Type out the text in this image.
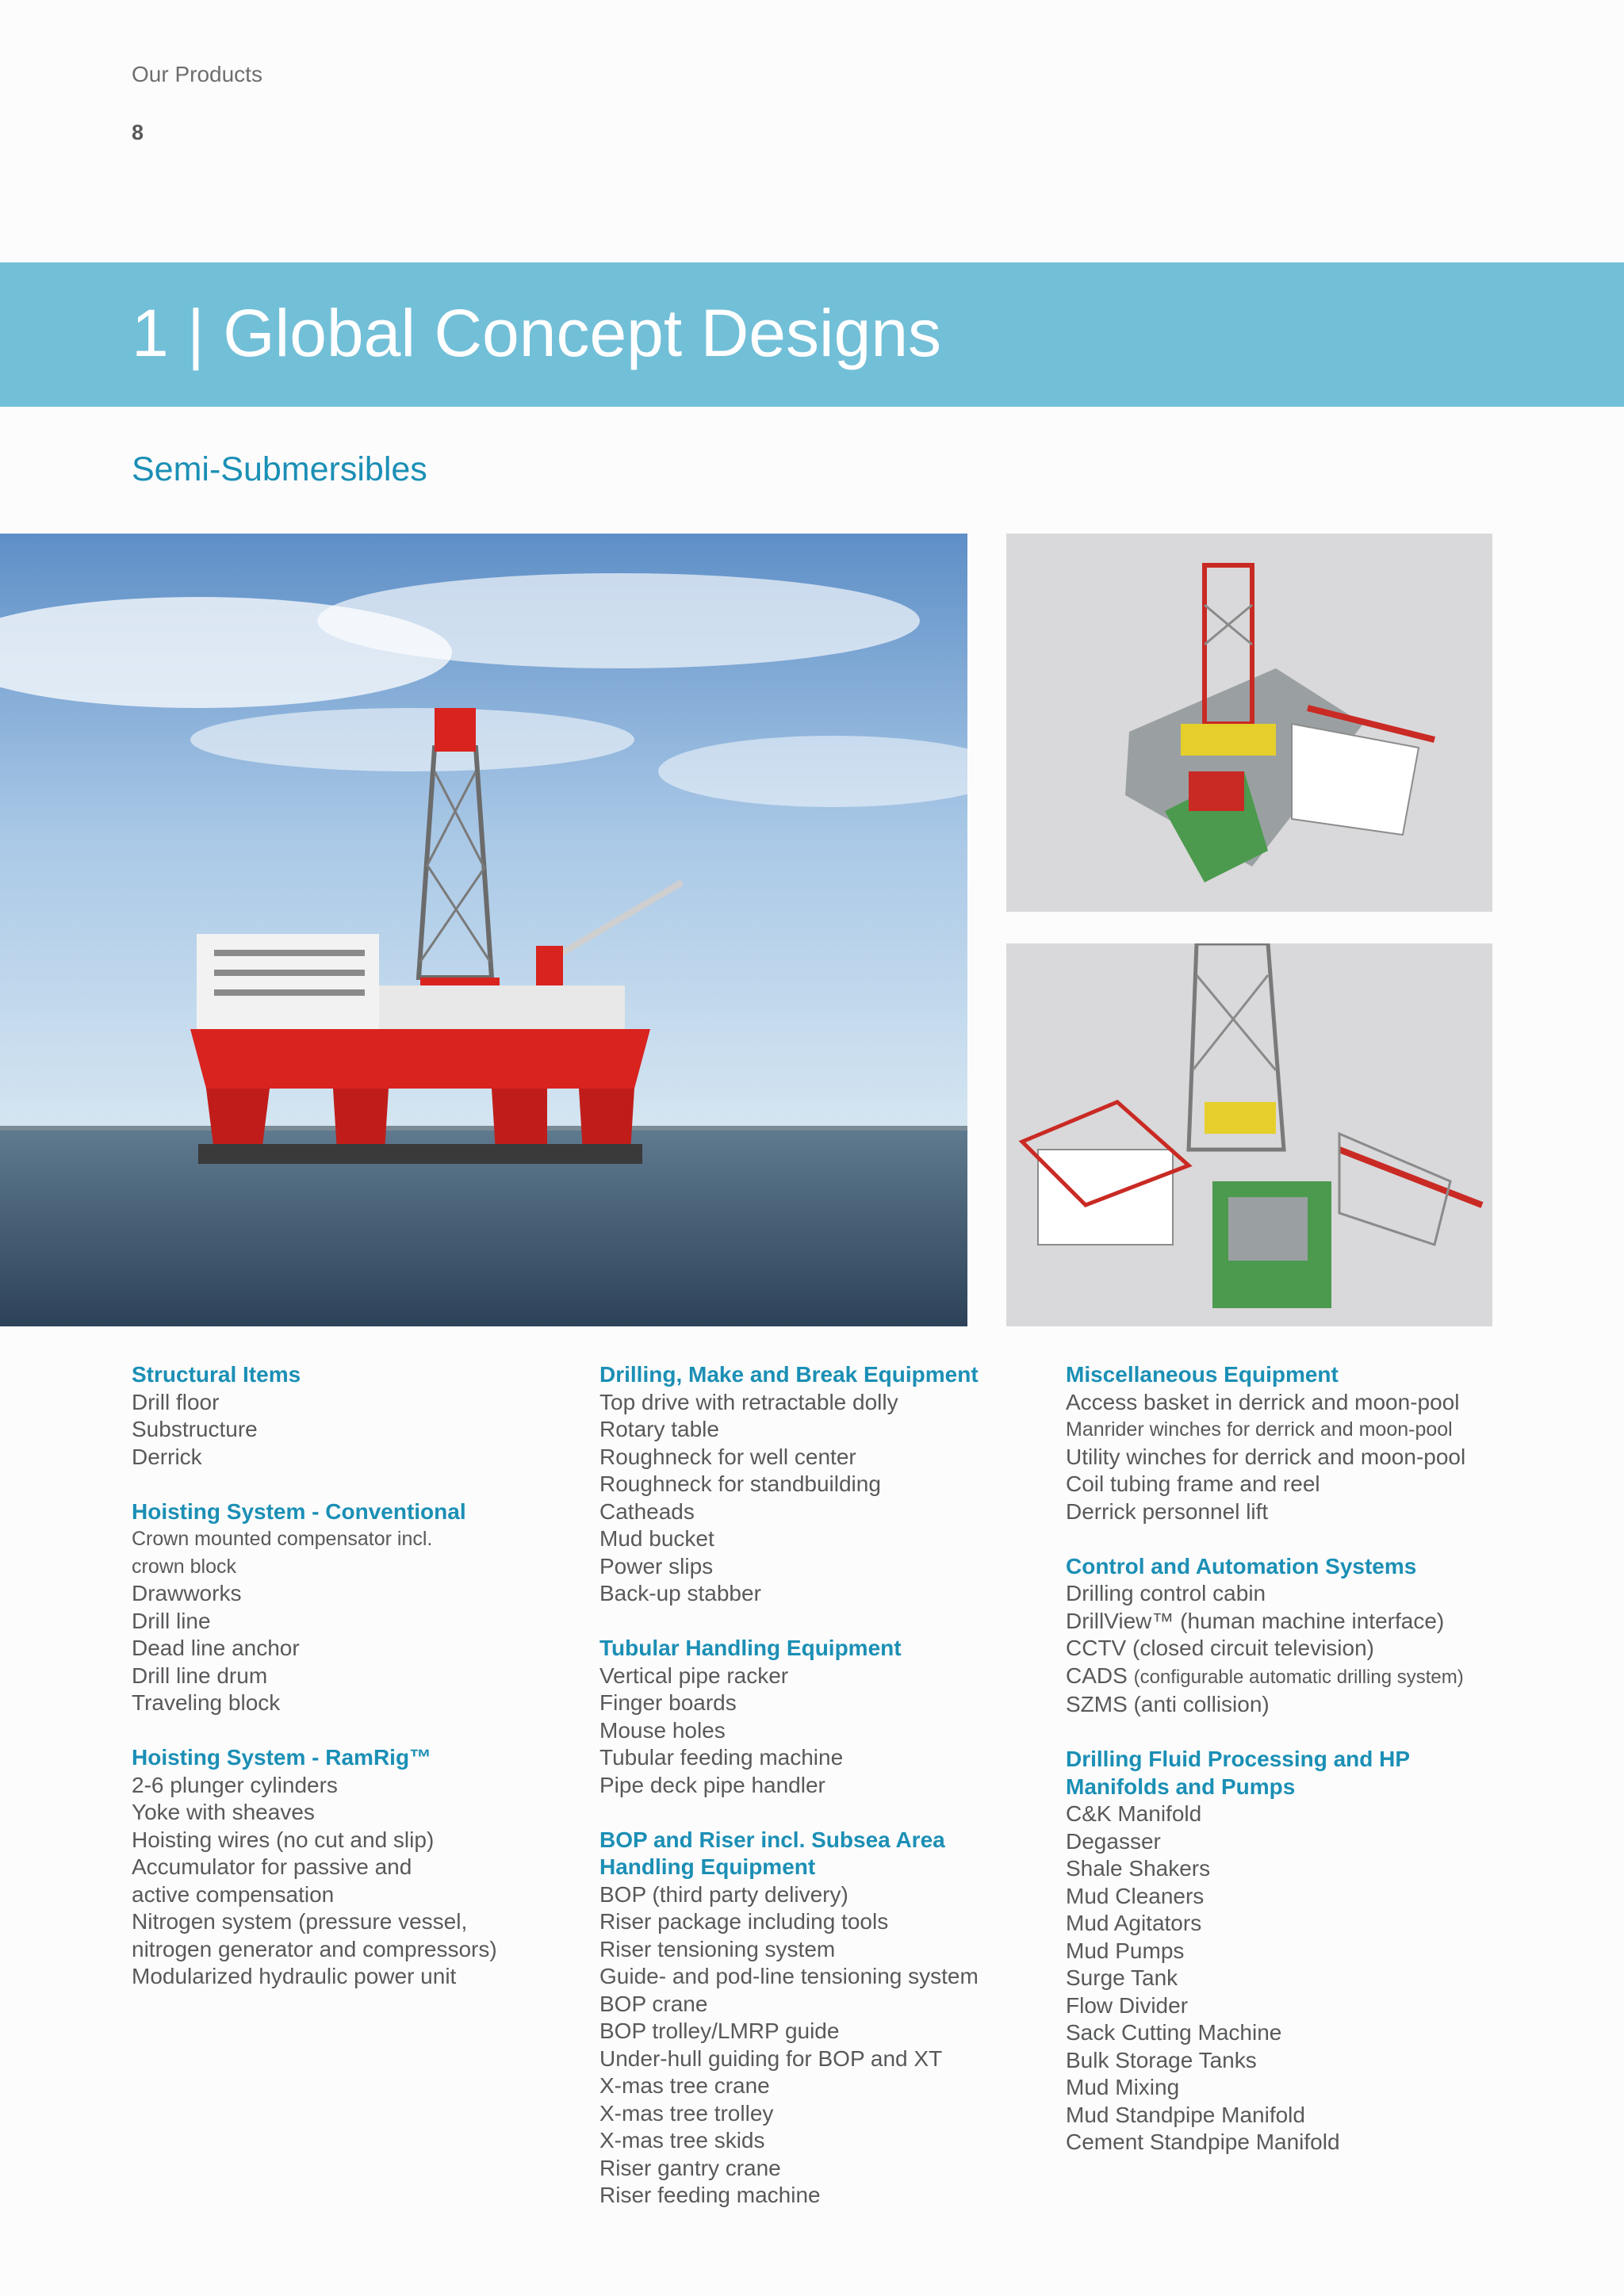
Our Products
8
1 | Global Concept Designs
Semi-Submersibles
Structural Items
Drill floor
Substructure
Derrick
Hoisting System - Conventional
Crown mounted compensator incl.
crown block
Drawworks
Drill line
Dead line anchor
Drill line drum
Traveling block
Hoisting System - RamRig™
2-6 plunger cylinders
Yoke with sheaves
Hoisting wires (no cut and slip)
Accumulator for passive and
active compensation
Nitrogen system (pressure vessel,
nitrogen generator and compressors)
Modularized hydraulic power unit
Drilling, Make and Break Equipment
Top drive with retractable dolly
Rotary table
Roughneck for well center
Roughneck for standbuilding
Catheads
Mud bucket
Power slips
Back-up stabber
Tubular Handling Equipment
Vertical pipe racker
Finger boards
Mouse holes
Tubular feeding machine
Pipe deck pipe handler
BOP and Riser incl. Subsea Area
Handling Equipment
BOP (third party delivery)
Riser package including tools
Riser tensioning system
Guide- and pod-line tensioning system
BOP crane
BOP trolley/LMRP guide
Under-hull guiding for BOP and XT
X-mas tree crane
X-mas tree trolley
X-mas tree skids
Riser gantry crane
Riser feeding machine
Miscellaneous Equipment
Access basket in derrick and moon-pool
Manrider winches for derrick and moon-pool
Utility winches for derrick and moon-pool
Coil tubing frame and reel
Derrick personnel lift
Control and Automation Systems
Drilling control cabin
DrillView™ (human machine interface)
CCTV (closed circuit television)
CADS (configurable automatic drilling system)
SZMS (anti collision)
Drilling Fluid Processing and HP
Manifolds and Pumps
C&K Manifold
Degasser
Shale Shakers
Mud Cleaners
Mud Agitators
Mud Pumps
Surge Tank
Flow Divider
Sack Cutting Machine
Bulk Storage Tanks
Mud Mixing
Mud Standpipe Manifold
Cement Standpipe Manifold
